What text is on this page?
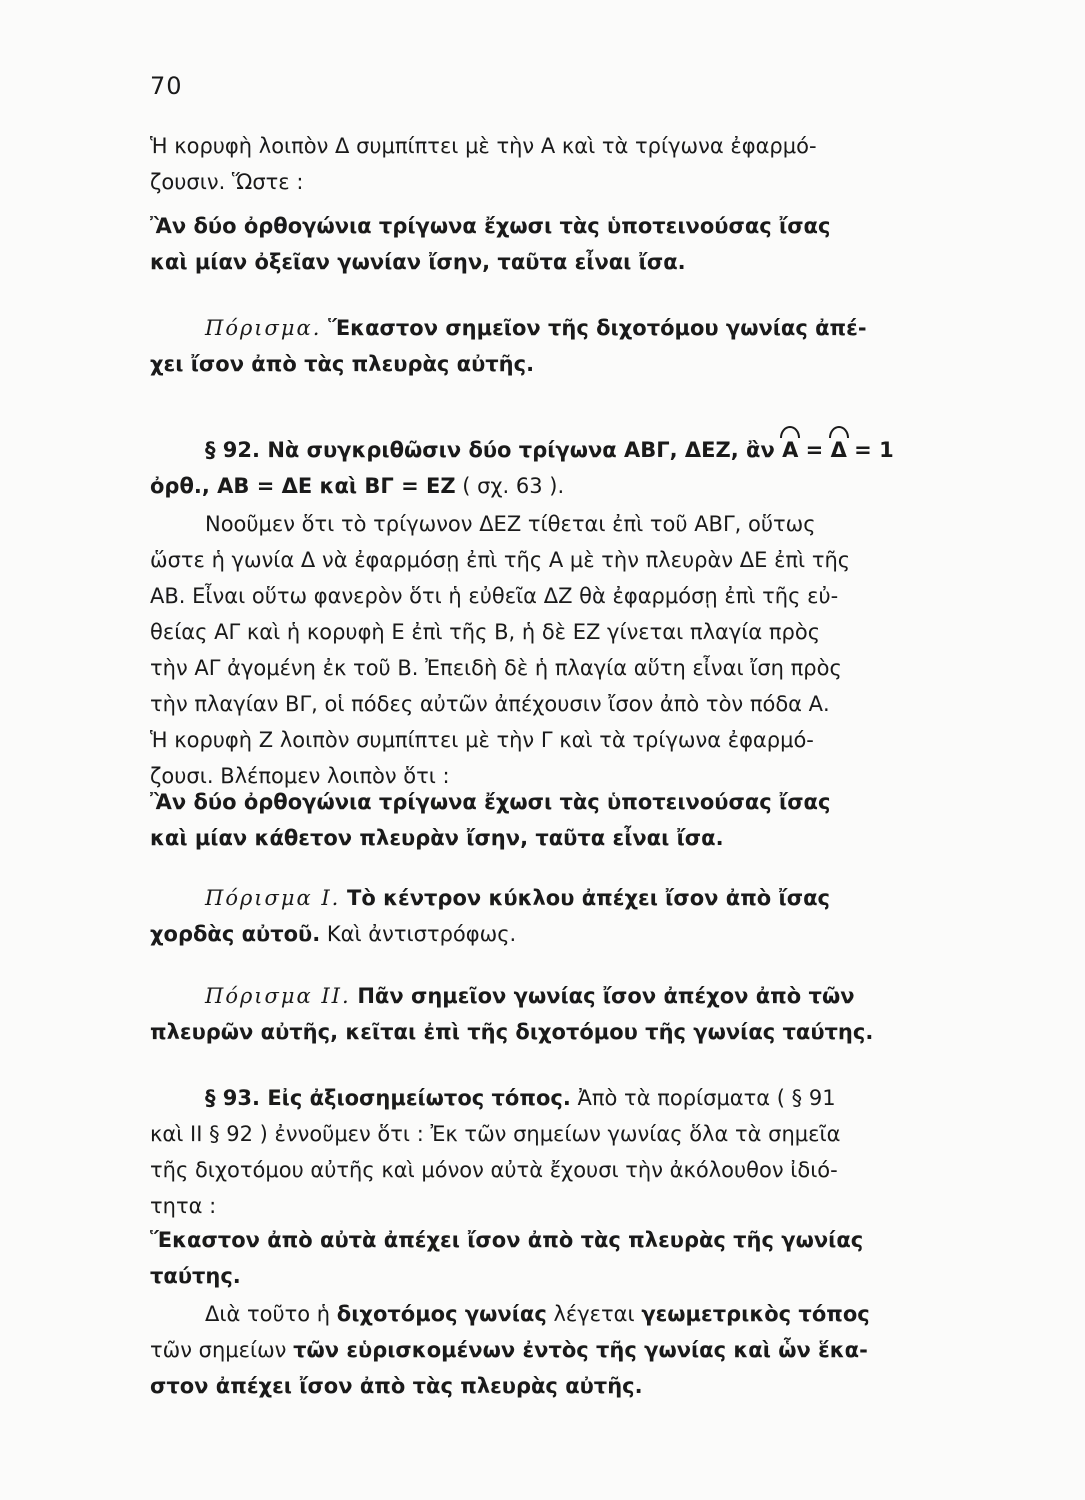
70
Ἡ κορυφὴ λοιπὸν Δ συμπίπτει μὲ τὴν Α καὶ τὰ τρίγωνα ἐφαρμό-
ζουσιν. Ὥστε :
Ἂν δύο ὀρθογώνια τρίγωνα ἔχωσι τὰς ὑποτεινούσας ἴσας
καὶ μίαν ὀξεῖαν γωνίαν ἴσην, ταῦτα εἶναι ἴσα.
Πόρισμα. Ἕκαστον σημεῖον τῆς διχοτόμου γωνίας ἀπέ-
χει ἴσον ἀπὸ τὰς πλευρὰς αὐτῆς.
§ 92. Νὰ συγκριθῶσιν δύο τρίγωνα ΑΒΓ, ΔΕΖ, ἂν Α = Δ = 1
ὀρθ., ΑΒ = ΔΕ καὶ ΒΓ = ΕΖ ( σχ. 63 ).
Νοοῦμεν ὅτι τὸ τρίγωνον ΔΕΖ τίθεται ἐπὶ τοῦ ΑΒΓ, οὕτως
ὥστε ἡ γωνία Δ νὰ ἐφαρμόσῃ ἐπὶ τῆς Α μὲ τὴν πλευρὰν ΔΕ ἐπὶ τῆς
ΑΒ. Εἶναι οὕτω φανερὸν ὅτι ἡ εὐθεῖα ΔΖ θὰ ἐφαρμόσῃ ἐπὶ τῆς εὐ-
θείας ΑΓ καὶ ἡ κορυφὴ Ε ἐπὶ τῆς Β, ἡ δὲ ΕΖ γίνεται πλαγία πρὸς
τὴν ΑΓ ἀγομένη ἐκ τοῦ Β. Ἐπειδὴ δὲ ἡ πλαγία αὕτη εἶναι ἴση πρὸς
τὴν πλαγίαν ΒΓ, οἱ πόδες αὐτῶν ἀπέχουσιν ἴσον ἀπὸ τὸν πόδα Α.
Ἡ κορυφὴ Ζ λοιπὸν συμπίπτει μὲ τὴν Γ καὶ τὰ τρίγωνα ἐφαρμό-
ζουσι. Βλέπομεν λοιπὸν ὅτι :
Ἂν δύο ὀρθογώνια τρίγωνα ἔχωσι τὰς ὑποτεινούσας ἴσας
καὶ μίαν κάθετον πλευρὰν ἴσην, ταῦτα εἶναι ἴσα.
Πόρισμα Ι. Τὸ κέντρον κύκλου ἀπέχει ἴσον ἀπὸ ἴσας
χορδὰς αὐτοῦ. Καὶ ἀντιστρόφως.
Πόρισμα ΙΙ. Πᾶν σημεῖον γωνίας ἴσον ἀπέχον ἀπὸ τῶν
πλευρῶν αὐτῆς, κεῖται ἐπὶ τῆς διχοτόμου τῆς γωνίας ταύτης.
§ 93. Εἰς ἀξιοσημείωτος τόπος. Ἀπὸ τὰ πορίσματα ( § 91
καὶ ΙΙ § 92 ) ἐννοῦμεν ὅτι : Ἐκ τῶν σημείων γωνίας ὅλα τὰ σημεῖα
τῆς διχοτόμου αὐτῆς καὶ μόνον αὐτὰ ἔχουσι τὴν ἀκόλουθον ἰδιό-
τητα :
Ἕκαστον ἀπὸ αὐτὰ ἀπέχει ἴσον ἀπὸ τὰς πλευρὰς τῆς γωνίας
ταύτης.
Διὰ τοῦτο ἡ διχοτόμος γωνίας λέγεται γεωμετρικὸς τόπος
τῶν σημείων τῶν εὑρισκομένων ἐντὸς τῆς γωνίας καὶ ὧν ἕκα-
στον ἀπέχει ἴσον ἀπὸ τὰς πλευρὰς αὐτῆς.
